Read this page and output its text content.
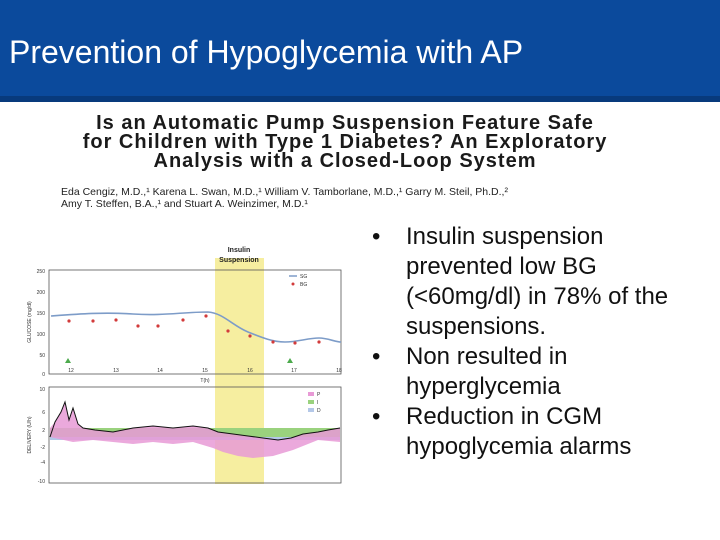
Prevention of Hypoglycemia with AP
Is an Automatic Pump Suspension Feature Safe
for Children with Type 1 Diabetes? An Exploratory
Analysis with a Closed-Loop System
Eda Cengiz, M.D.,¹ Karena L. Swan, M.D.,¹ William V. Tamborlane, M.D.,¹ Garry M. Steil, Ph.D.,²
Amy T. Steffen, B.A.,¹ and Stuart A. Weinzimer, M.D.¹
Insulin
Suspension
250
200
150
100
50
0
GLUCOSE (mg/dl)
SG
BG
12	13	14	15	16	17	18
T(h)
10
6
2
-2
-4
-10
DELIVERY (U/h)
P
I
D
• Insulin suspension prevented low BG (<60mg/dl) in 78% of the suspensions.
• Non resulted in hyperglycemia
• Reduction in CGM hypoglycemia alarms
